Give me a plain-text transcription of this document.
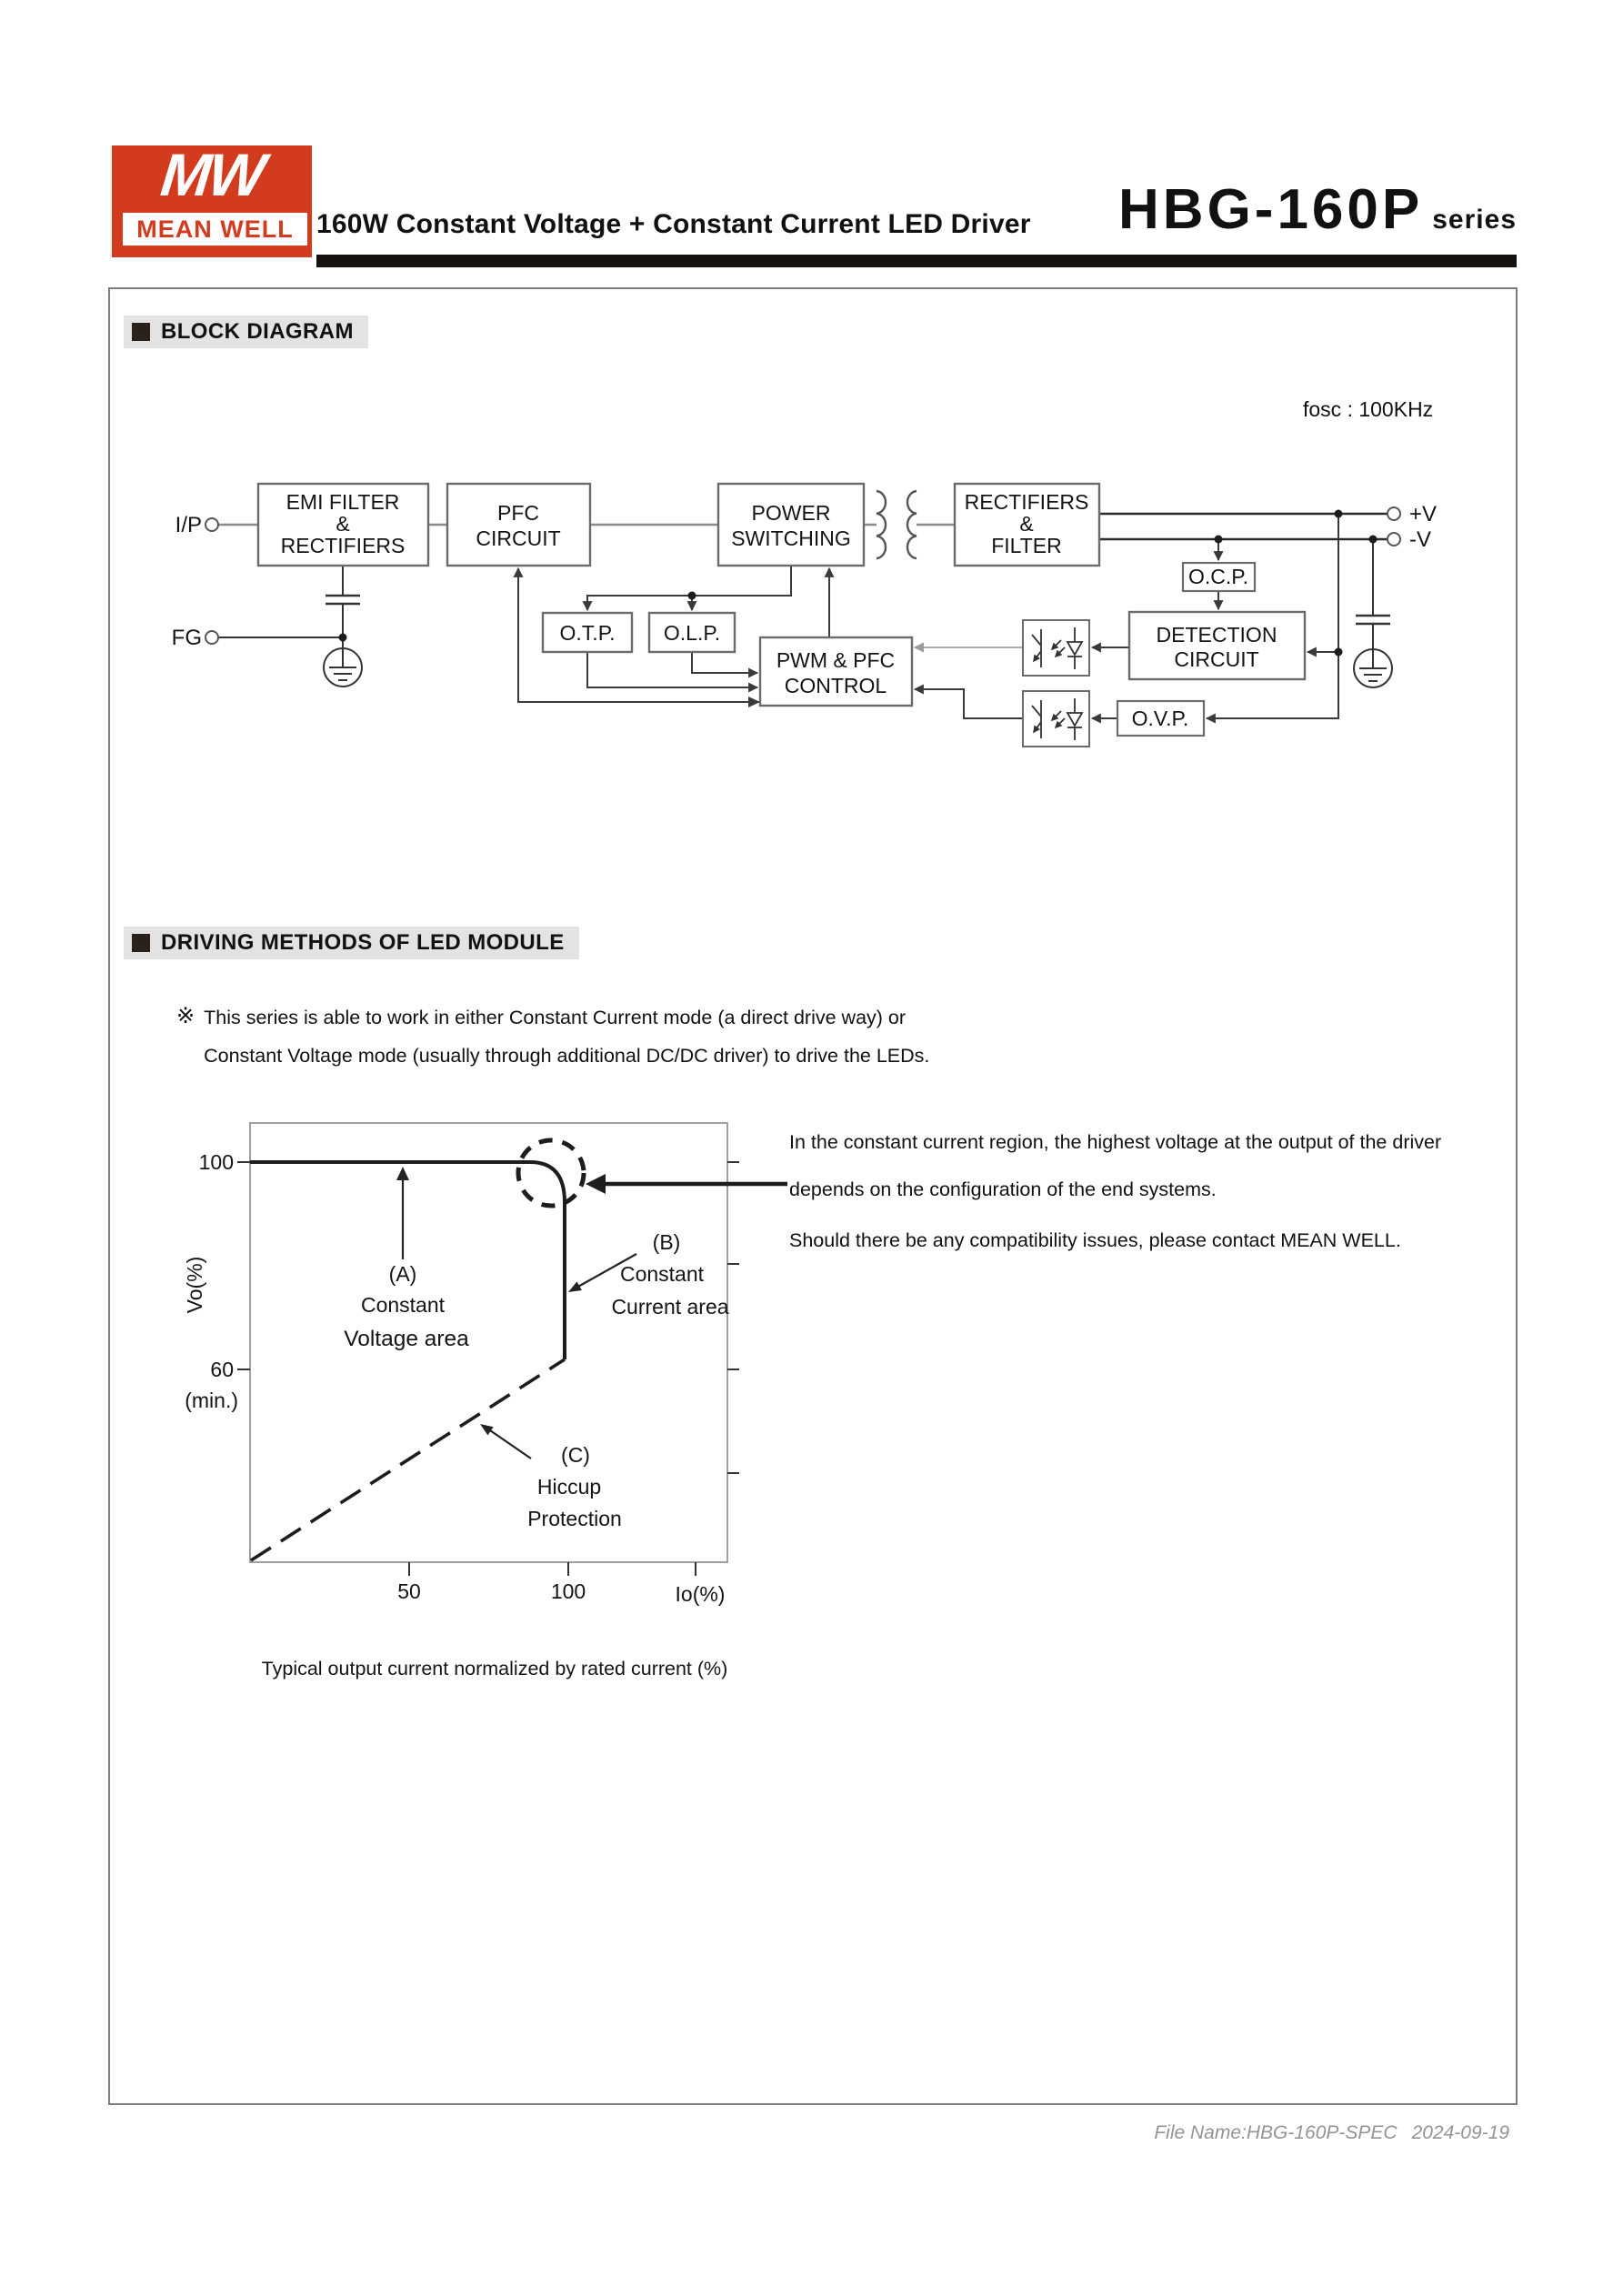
MW
MEAN WELL 160W Constant Voltage + Constant Current LED Driver HBG-160P series
BLOCK DIAGRAM
fosc : 100KHz
I/P
FG
+V
-V
EMI FILTER
&
RECTIFIERS
PFC
CIRCUIT
POWER
SWITCHING
RECTIFIERS
&
FILTER
O.T.P. O.L.P.
PWM & PFC
CONTROL
O.C.P.
DETECTION
CIRCUIT
O.V.P.
DRIVING METHODS OF LED MODULE
※ This series is able to work in either Constant Current mode (a direct drive way) or
Constant Voltage mode (usually through additional DC/DC driver) to drive the LEDs.
100
60
(min.)
Vo(%)
50	100	Io(%)
(A)
Constant
Voltage area
(B)
Constant
Current area
(C)
Hiccup
Protection
Typical output current normalized by rated current (%)

In the constant current region, the highest voltage at the output of the driver
depends on the configuration of the end systems.

Should there be any compatibility issues, please contact MEAN WELL.

File Name:HBG-160P-SPEC 2024-09-19
